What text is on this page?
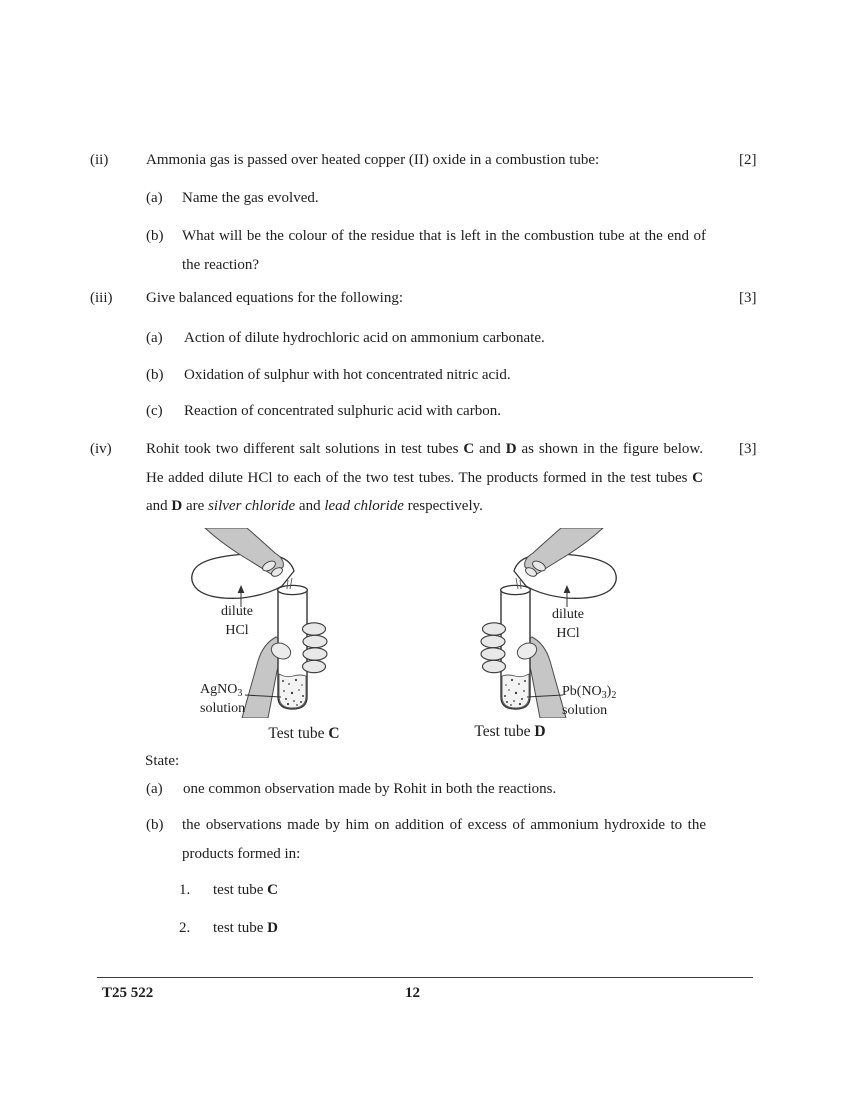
(ii)	Ammonia gas is passed over heated copper (II) oxide in a combustion tube:	[2]
(a) Name the gas evolved.
(b) What will be the colour of the residue that is left in the combustion tube at the end of the reaction?
(iii) Give balanced equations for the following:	[3]
(a) Action of dilute hydrochloric acid on ammonium carbonate.
(b) Oxidation of sulphur with hot concentrated nitric acid.
(c) Reaction of concentrated sulphuric acid with carbon.
(iv)	[3]
Rohit took two different salt solutions in test tubes C and D as shown in the figure below. He added dilute HCl to each of the two test tubes. The products formed in the test tubes C and D are silver chloride and lead chloride respectively.
dilute
HCl
AgNO$_3$
solution
Test tube C
dilute
HCl
$Pb(NO_3)_2$
solution
Test tube D
State:
(a) one common observation made by Rohit in both the reactions.
(b) the observations made by him on addition of excess of ammonium hydroxide to the products formed in:
1. test tube C
2. test tube D
T25 522	12
